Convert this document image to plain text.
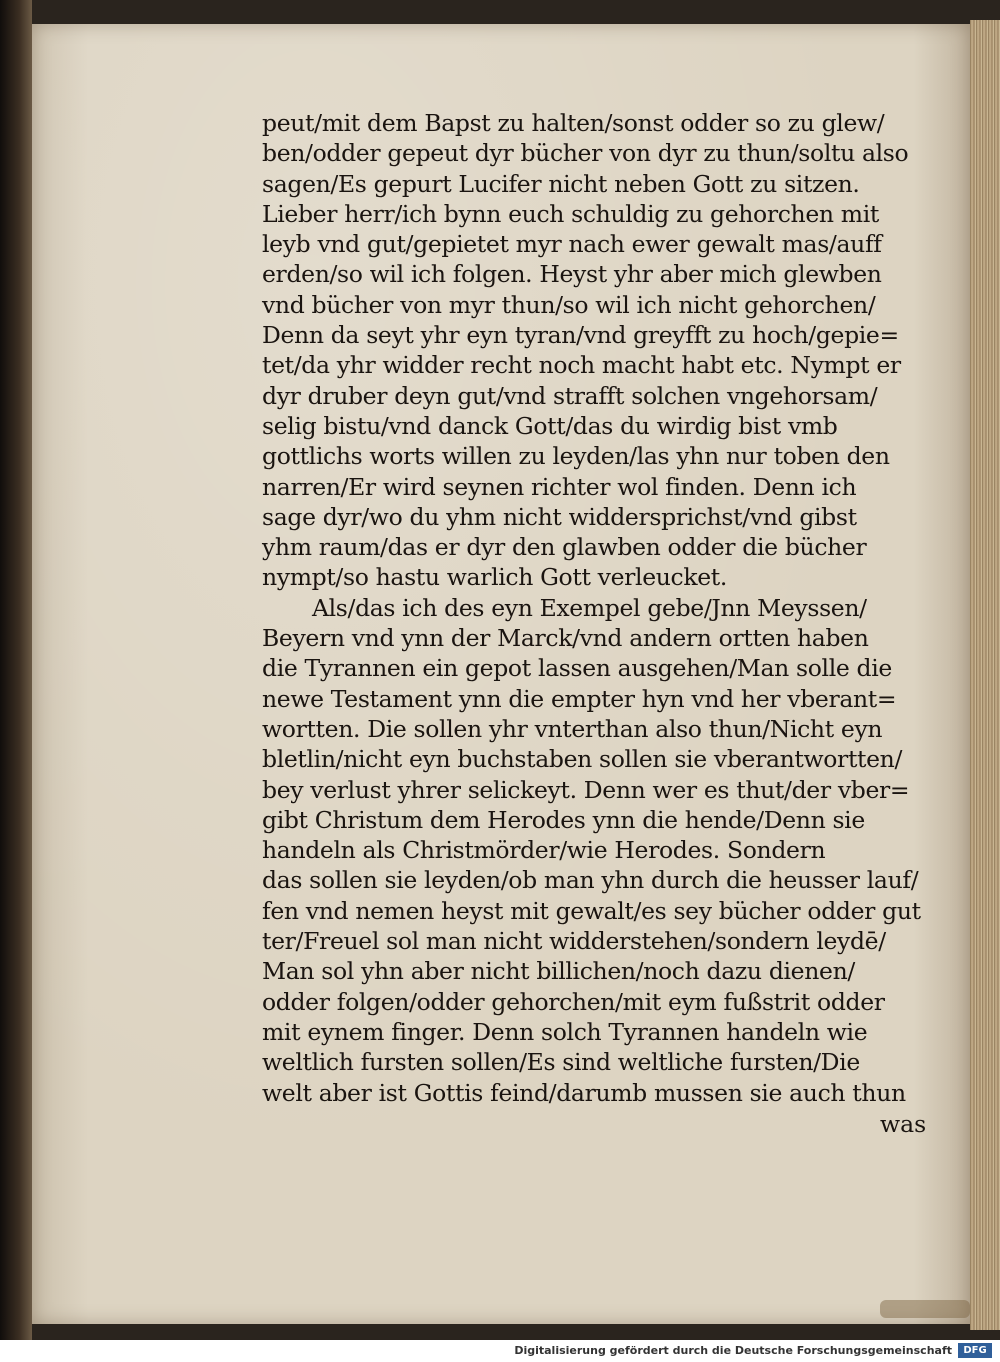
peut/mit dem Bapst zu halten/sonst odder so zu glew/
ben/odder gepeut dyr bücher von dyr zu thun/soltu also
sagen/Es gepurt Lucifer nicht neben Gott zu sitzen.
Lieber herr/ich bynn euch schuldig zu gehorchen mit
leyb vnd gut/gepietet myr nach ewer gewalt mas/auff
erden/so wil ich folgen. Heyst yhr aber mich glewben
vnd bücher von myr thun/so wil ich nicht gehorchen/
Denn da seyt yhr eyn tyran/vnd greyfft zu hoch/gepie=
tet/da yhr widder recht noch macht habt etc. Nympt er
dyr druber deyn gut/vnd strafft solchen vngehorsam/
selig bistu/vnd danck Gott/das du wirdig bist vmb
gottlichs worts willen zu leyden/las yhn nur toben den
narren/Er wird seynen richter wol finden. Denn ich
sage dyr/wo du yhm nicht widdersprichst/vnd gibst
yhm raum/das er dyr den glawben odder die bücher
nympt/so hastu warlich Gott verleucket.
Als/das ich des eyn Exempel gebe/Jnn Meyssen/
Beyern vnd ynn der Marck/vnd andern ortten haben
die Tyrannen ein gepot lassen ausgehen/Man solle die
newe Testament ynn die empter hyn vnd her vberant=
wortten. Die sollen yhr vnterthan also thun/Nicht eyn
bletlin/nicht eyn buchstaben sollen sie vberantwortten/
bey verlust yhrer selickeyt. Denn wer es thut/der vber=
gibt Christum dem Herodes ynn die hende/Denn sie
handeln als Christmörder/wie Herodes. Sondern
das sollen sie leyden/ob man yhn durch die heusser lauf/
fen vnd nemen heyst mit gewalt/es sey bücher odder gut
ter/Freuel sol man nicht widderstehen/sondern leydē/
Man sol yhn aber nicht billichen/noch dazu dienen/
odder folgen/odder gehorchen/mit eym fußstrit odder
mit eynem finger. Denn solch Tyrannen handeln wie
weltlich fursten sollen/Es sind weltliche fursten/Die
welt aber ist Gottis feind/darumb mussen sie auch thun
was
Digitalisierung gefördert durch die Deutsche Forschungsgemeinschaft	DFG
